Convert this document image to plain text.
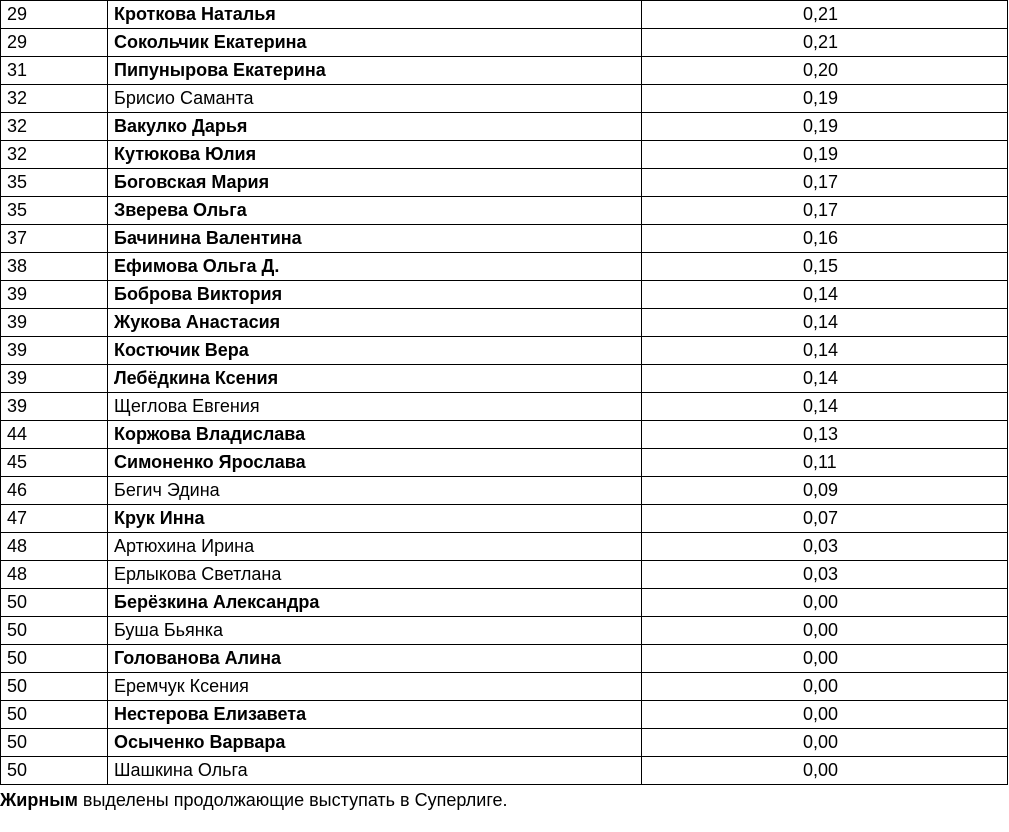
29	Кроткова Наталья	0,21
29	Сокольчик Екатерина	0,21
31	Пипунырова Екатерина	0,20
32	Брисио Саманта	0,19
32	Вакулко Дарья	0,19
32	Кутюкова Юлия	0,19
35	Боговская Мария	0,17
35	Зверева Ольга	0,17
37	Бачинина Валентина	0,16
38	Ефимова Ольга Д.	0,15
39	Боброва Виктория	0,14
39	Жукова Анастасия	0,14
39	Костючик Вера	0,14
39	Лебёдкина Ксения	0,14
39	Щеглова Евгения	0,14
44	Коржова Владислава	0,13
45	Симоненко Ярослава	0,11
46	Бегич Эдина	0,09
47	Крук Инна	0,07
48	Артюхина Ирина	0,03
48	Ерлыкова Светлана	0,03
50	Берёзкина Александра	0,00
50	Буша Бьянка	0,00
50	Голованова Алина	0,00
50	Еремчук Ксения	0,00
50	Нестерова Елизавета	0,00
50	Осыченко Варвара	0,00
50	Шашкина Ольга	0,00
Жирным выделены продолжающие выступать в Суперлиге.
